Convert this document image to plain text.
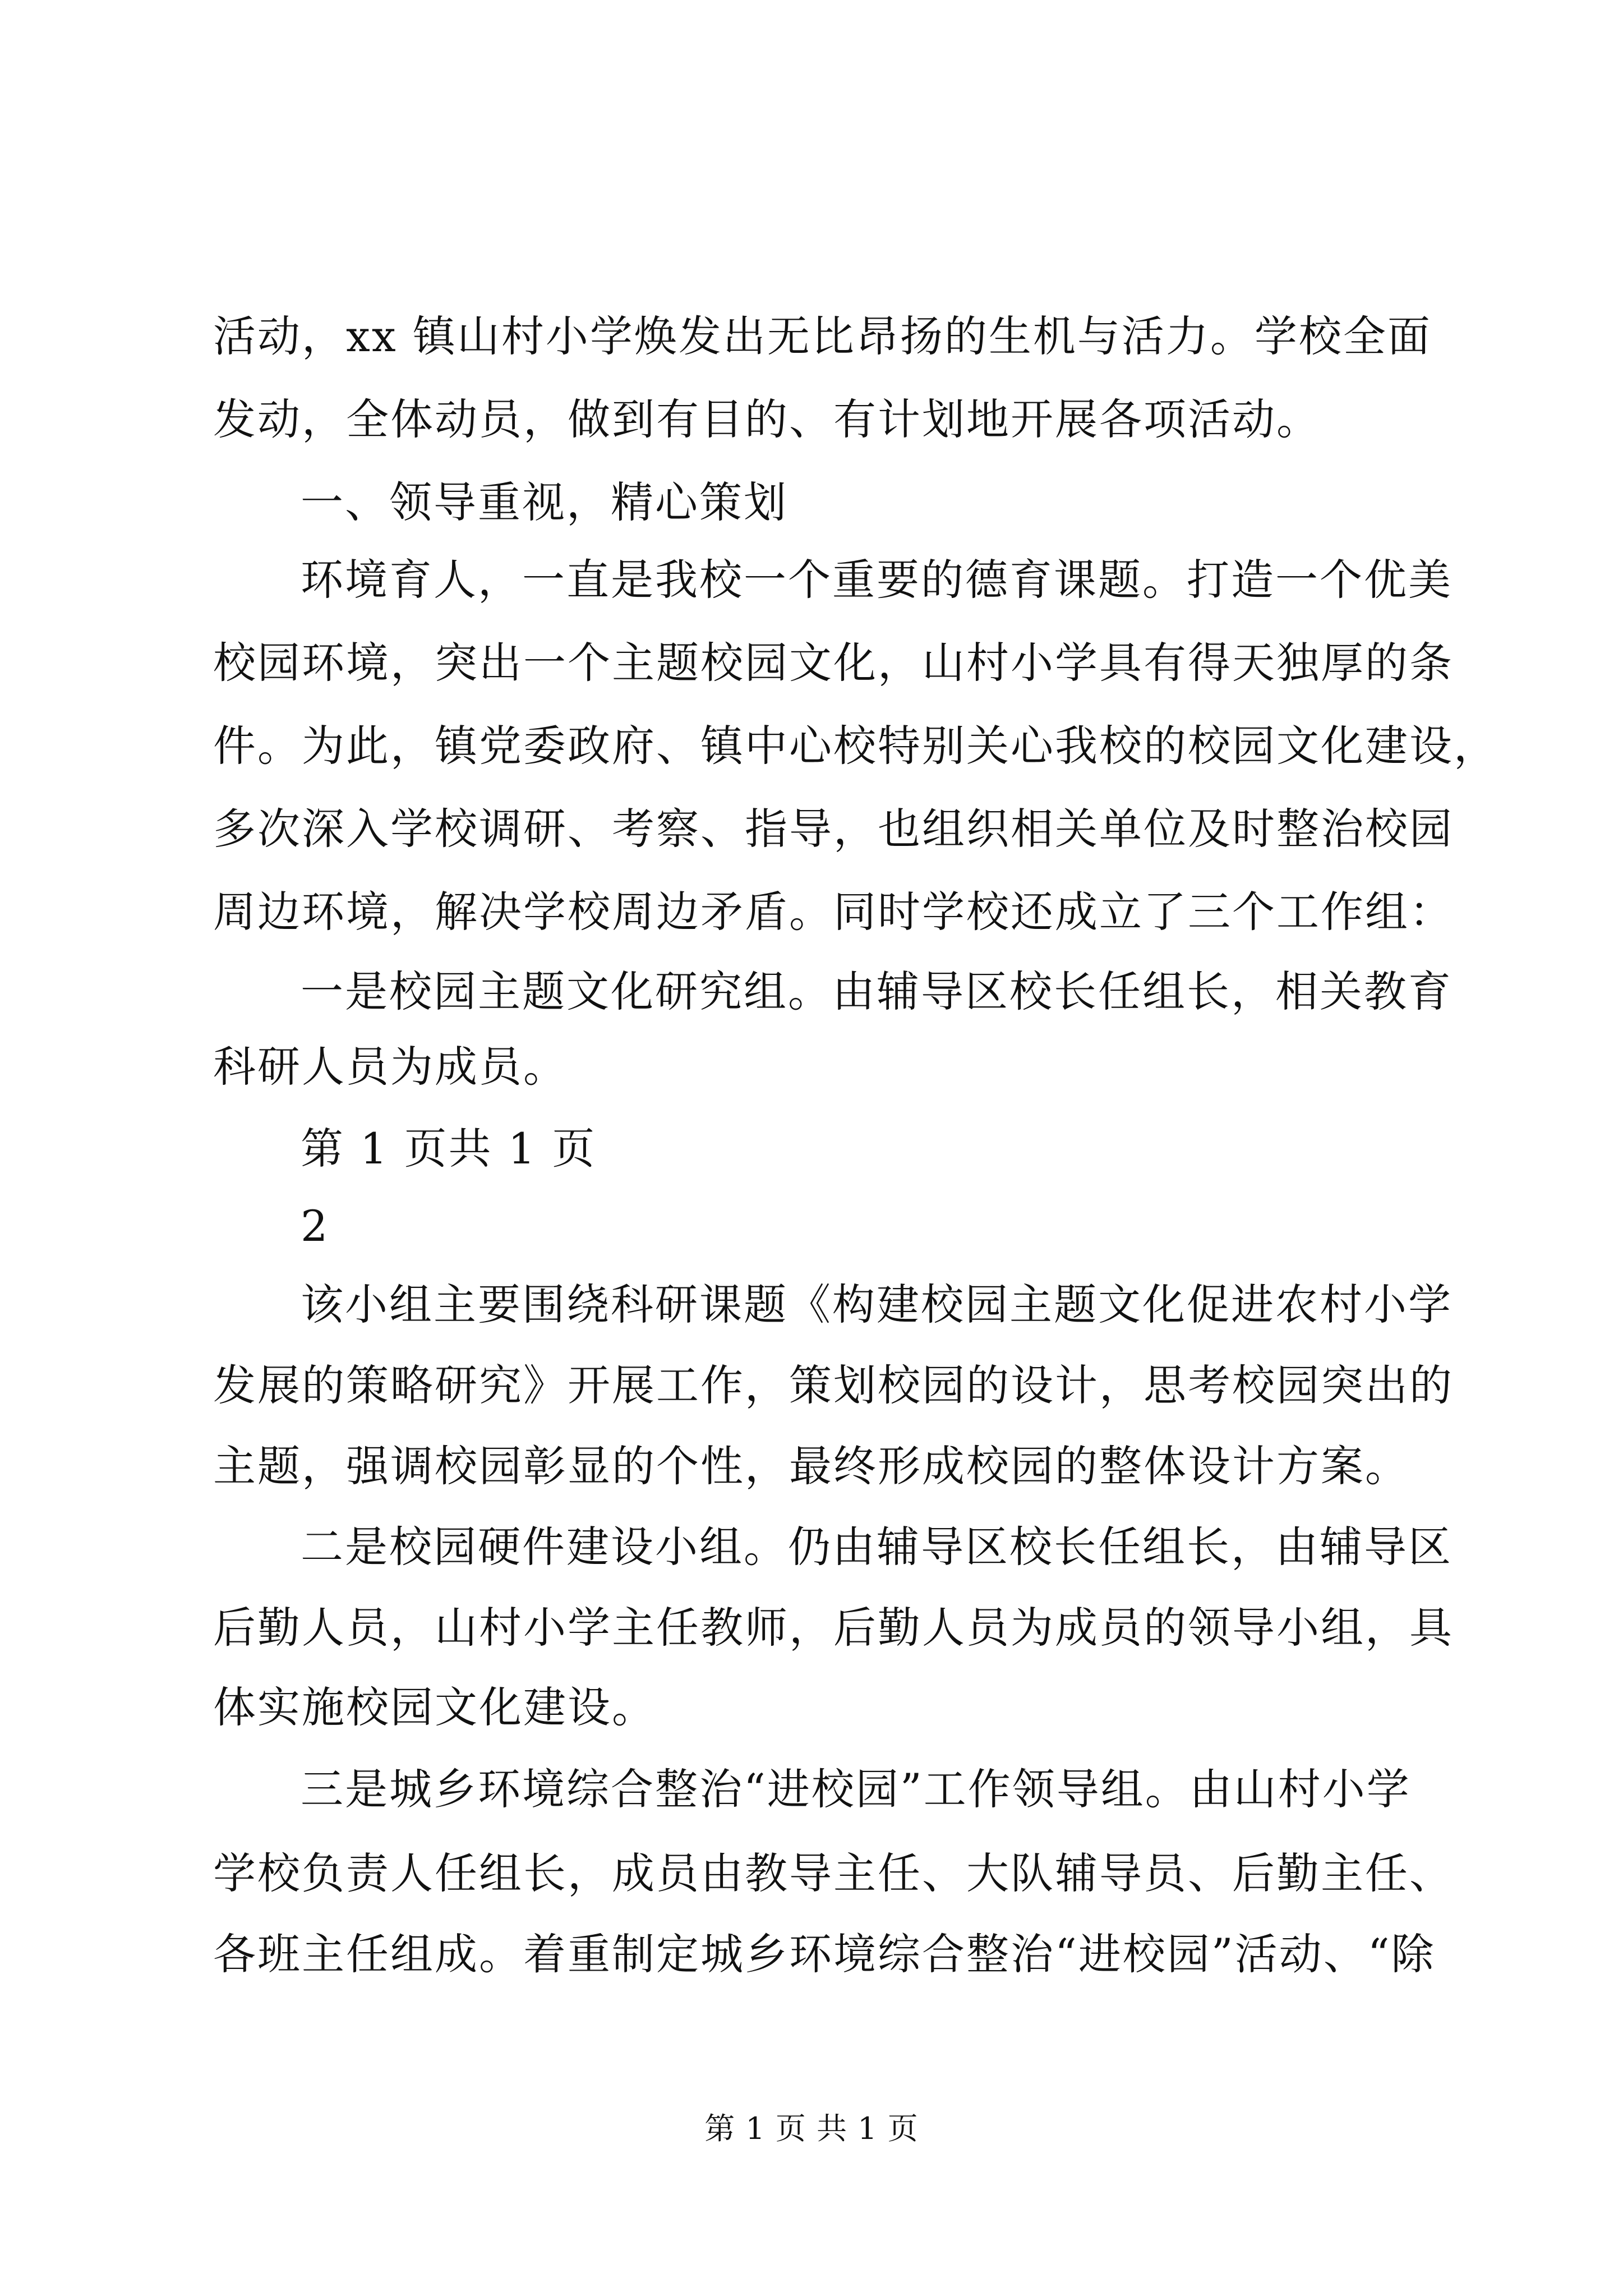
活动，xx 镇山村小学焕发出无比昂扬的生机与活力。学校全面

发动，全体动员，做到有目的、有计划地开展各项活动。

一、领导重视，精心策划

环境育人，一直是我校一个重要的德育课题。打造一个优美

校园环境，突出一个主题校园文化，山村小学具有得天独厚的条

件。为此，镇党委政府、镇中心校特别关心我校的校园文化建设，

多次深入学校调研、考察、指导，也组织相关单位及时整治校园

周边环境，解决学校周边矛盾。同时学校还成立了三个工作组：

一是校园主题文化研究组。由辅导区校长任组长，相关教育

科研人员为成员。

第 1 页共 1 页

2

该小组主要围绕科研课题《构建校园主题文化促进农村小学

发展的策略研究》开展工作，策划校园的设计，思考校园突出的

主题，强调校园彰显的个性，最终形成校园的整体设计方案。

二是校园硬件建设小组。仍由辅导区校长任组长，由辅导区

后勤人员，山村小学主任教师，后勤人员为成员的领导小组，具

体实施校园文化建设。

三是城乡环境综合整治“进校园”工作领导组。由山村小学

学校负责人任组长，成员由教导主任、大队辅导员、后勤主任、

各班主任组成。着重制定城乡环境综合整治“进校园”活动、“除

第 1 页 共 1 页
